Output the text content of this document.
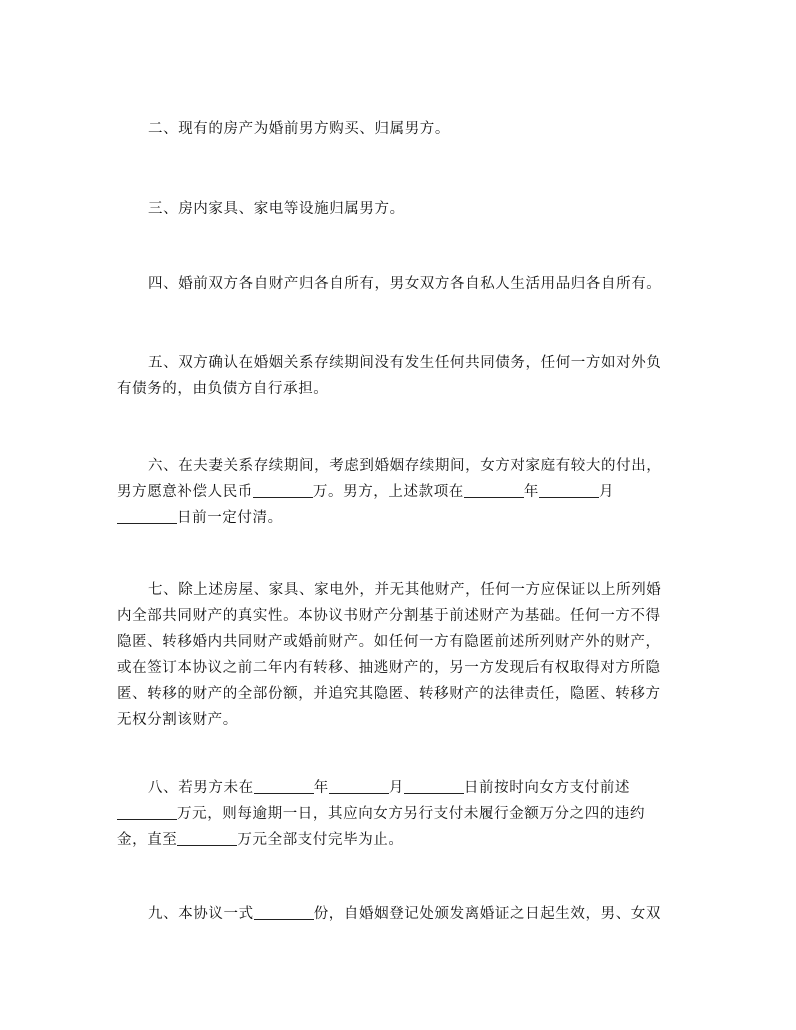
二、现有的房产为婚前男方购买、归属男方。

三、房内家具、家电等设施归属男方。

四、婚前双方各自财产归各自所有，男女双方各自私人生活用品归各自所有。

五、双方确认在婚姻关系存续期间没有发生任何共同债务，任何一方如对外负
有债务的，由负债方自行承担。

六、在夫妻关系存续期间，考虑到婚姻存续期间，女方对家庭有较大的付出，
男方愿意补偿人民币	万。男方，上述款项在	年	月
日前一定付清。

七、除上述房屋、家具、家电外，并无其他财产，任何一方应保证以上所列婚
内全部共同财产的真实性。本协议书财产分割基于前述财产为基础。任何一方不得
隐匿、转移婚内共同财产或婚前财产。如任何一方有隐匿前述所列财产外的财产，
或在签订本协议之前二年内有转移、抽逃财产的，另一方发现后有权取得对方所隐
匿、转移的财产的全部份额，并追究其隐匿、转移财产的法律责任，隐匿、转移方
无权分割该财产。

八、若男方未在	年	月	日前按时向女方支付前述
万元，则每逾期一日，其应向女方另行支付未履行金额万分之四的违约
金，直至	万元全部支付完毕为止。

九、本协议一式	份，自婚姻登记处颁发离婚证之日起生效，男、女双
